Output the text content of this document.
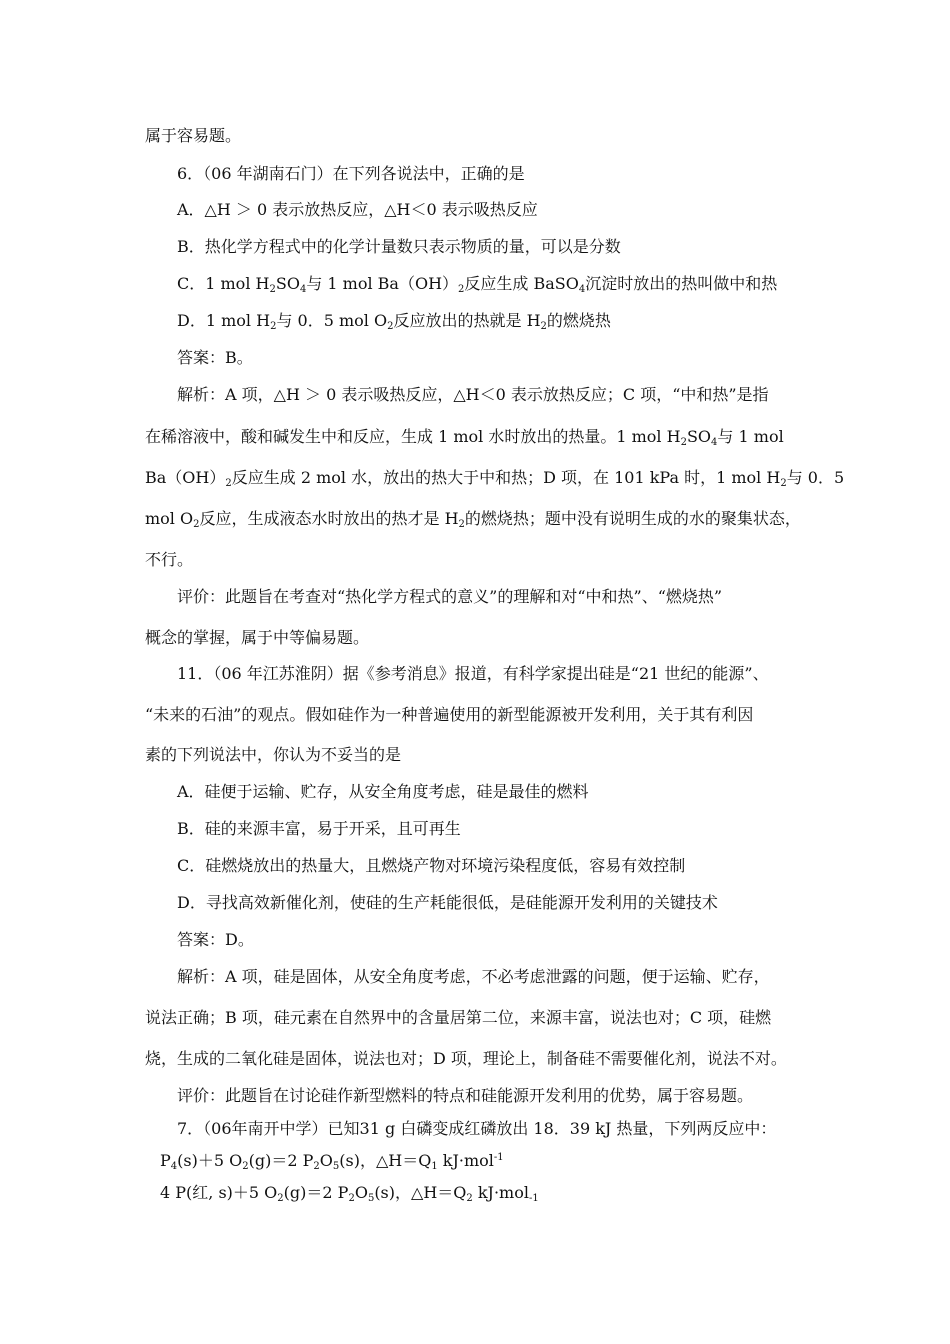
属于容易题。
6．（06 年湖南石门）在下列各说法中，正确的是
A．△H ＞ 0 表示放热反应，△H＜0 表示吸热反应
B．热化学方程式中的化学计量数只表示物质的量，可以是分数
C．1 mol $H_2SO_4$与 1 mol $Ba(OH)_2$反应生成 BaSO$_4$沉淀时放出的热叫做中和热
D．1 mol $H_2$与 0．5 mol $O_2$反应放出的热就是 $H_2$的燃烧热
答案：B。
解析：A 项，△H ＞ 0 表示吸热反应，△H＜0 表示放热反应；C 项，“中和热”是指
在稀溶液中，酸和碱发生中和反应，生成 1 mol 水时放出的热量。1 mol $H_2SO_4$与 1 mol
$Ba(OH)_2$反应生成 2 mol 水，放出的热大于中和热；D 项，在 101 kPa 时，1 mol $H_2$与 0．5
mol $O_2$反应，生成液态水时放出的热才是 $H_2$的燃烧热；题中没有说明生成的水的聚集状态，
不行。
评价：此题旨在考查对“热化学方程式的意义”的理解和对“中和热”、“燃烧热”
概念的掌握，属于中等偏易题。
11．（06 年江苏淮阴）据《参考消息》报道，有科学家提出硅是“21 世纪的能源”、
“未来的石油”的观点。假如硅作为一种普遍使用的新型能源被开发利用，关于其有利因
素的下列说法中，你认为不妥当的是
A．硅便于运输、贮存，从安全角度考虑，硅是最佳的燃料
B．硅的来源丰富，易于开采，且可再生
C．硅燃烧放出的热量大，且燃烧产物对环境污染程度低，容易有效控制
D．寻找高效新催化剂，使硅的生产耗能很低，是硅能源开发利用的关键技术
答案：D。
解析：A 项，硅是固体，从安全角度考虑，不必考虑泄露的问题，便于运输、贮存，
说法正确；B 项，硅元素在自然界中的含量居第二位，来源丰富，说法也对；C 项，硅燃
烧，生成的二氧化硅是固体，说法也对；D 项，理论上，制备硅不需要催化剂，说法不对。
评价：此题旨在讨论硅作新型燃料的特点和硅能源开发利用的优势，属于容易题。
7．（06年南开中学）已知31 g 白磷变成红磷放出 18．39 kJ 热量，下列两反应中：
$P_4(s)+5$ $O_2(g)=2$ $P_2O_5(s)$，$\triangle H=Q_1$ kJ·mol$^{-1}$
4 P(红, s)＋5 $O_2(g)=2$ $P_2O_5(s)$，$\triangle H=Q_2$ kJ·mol$_{-1}$
